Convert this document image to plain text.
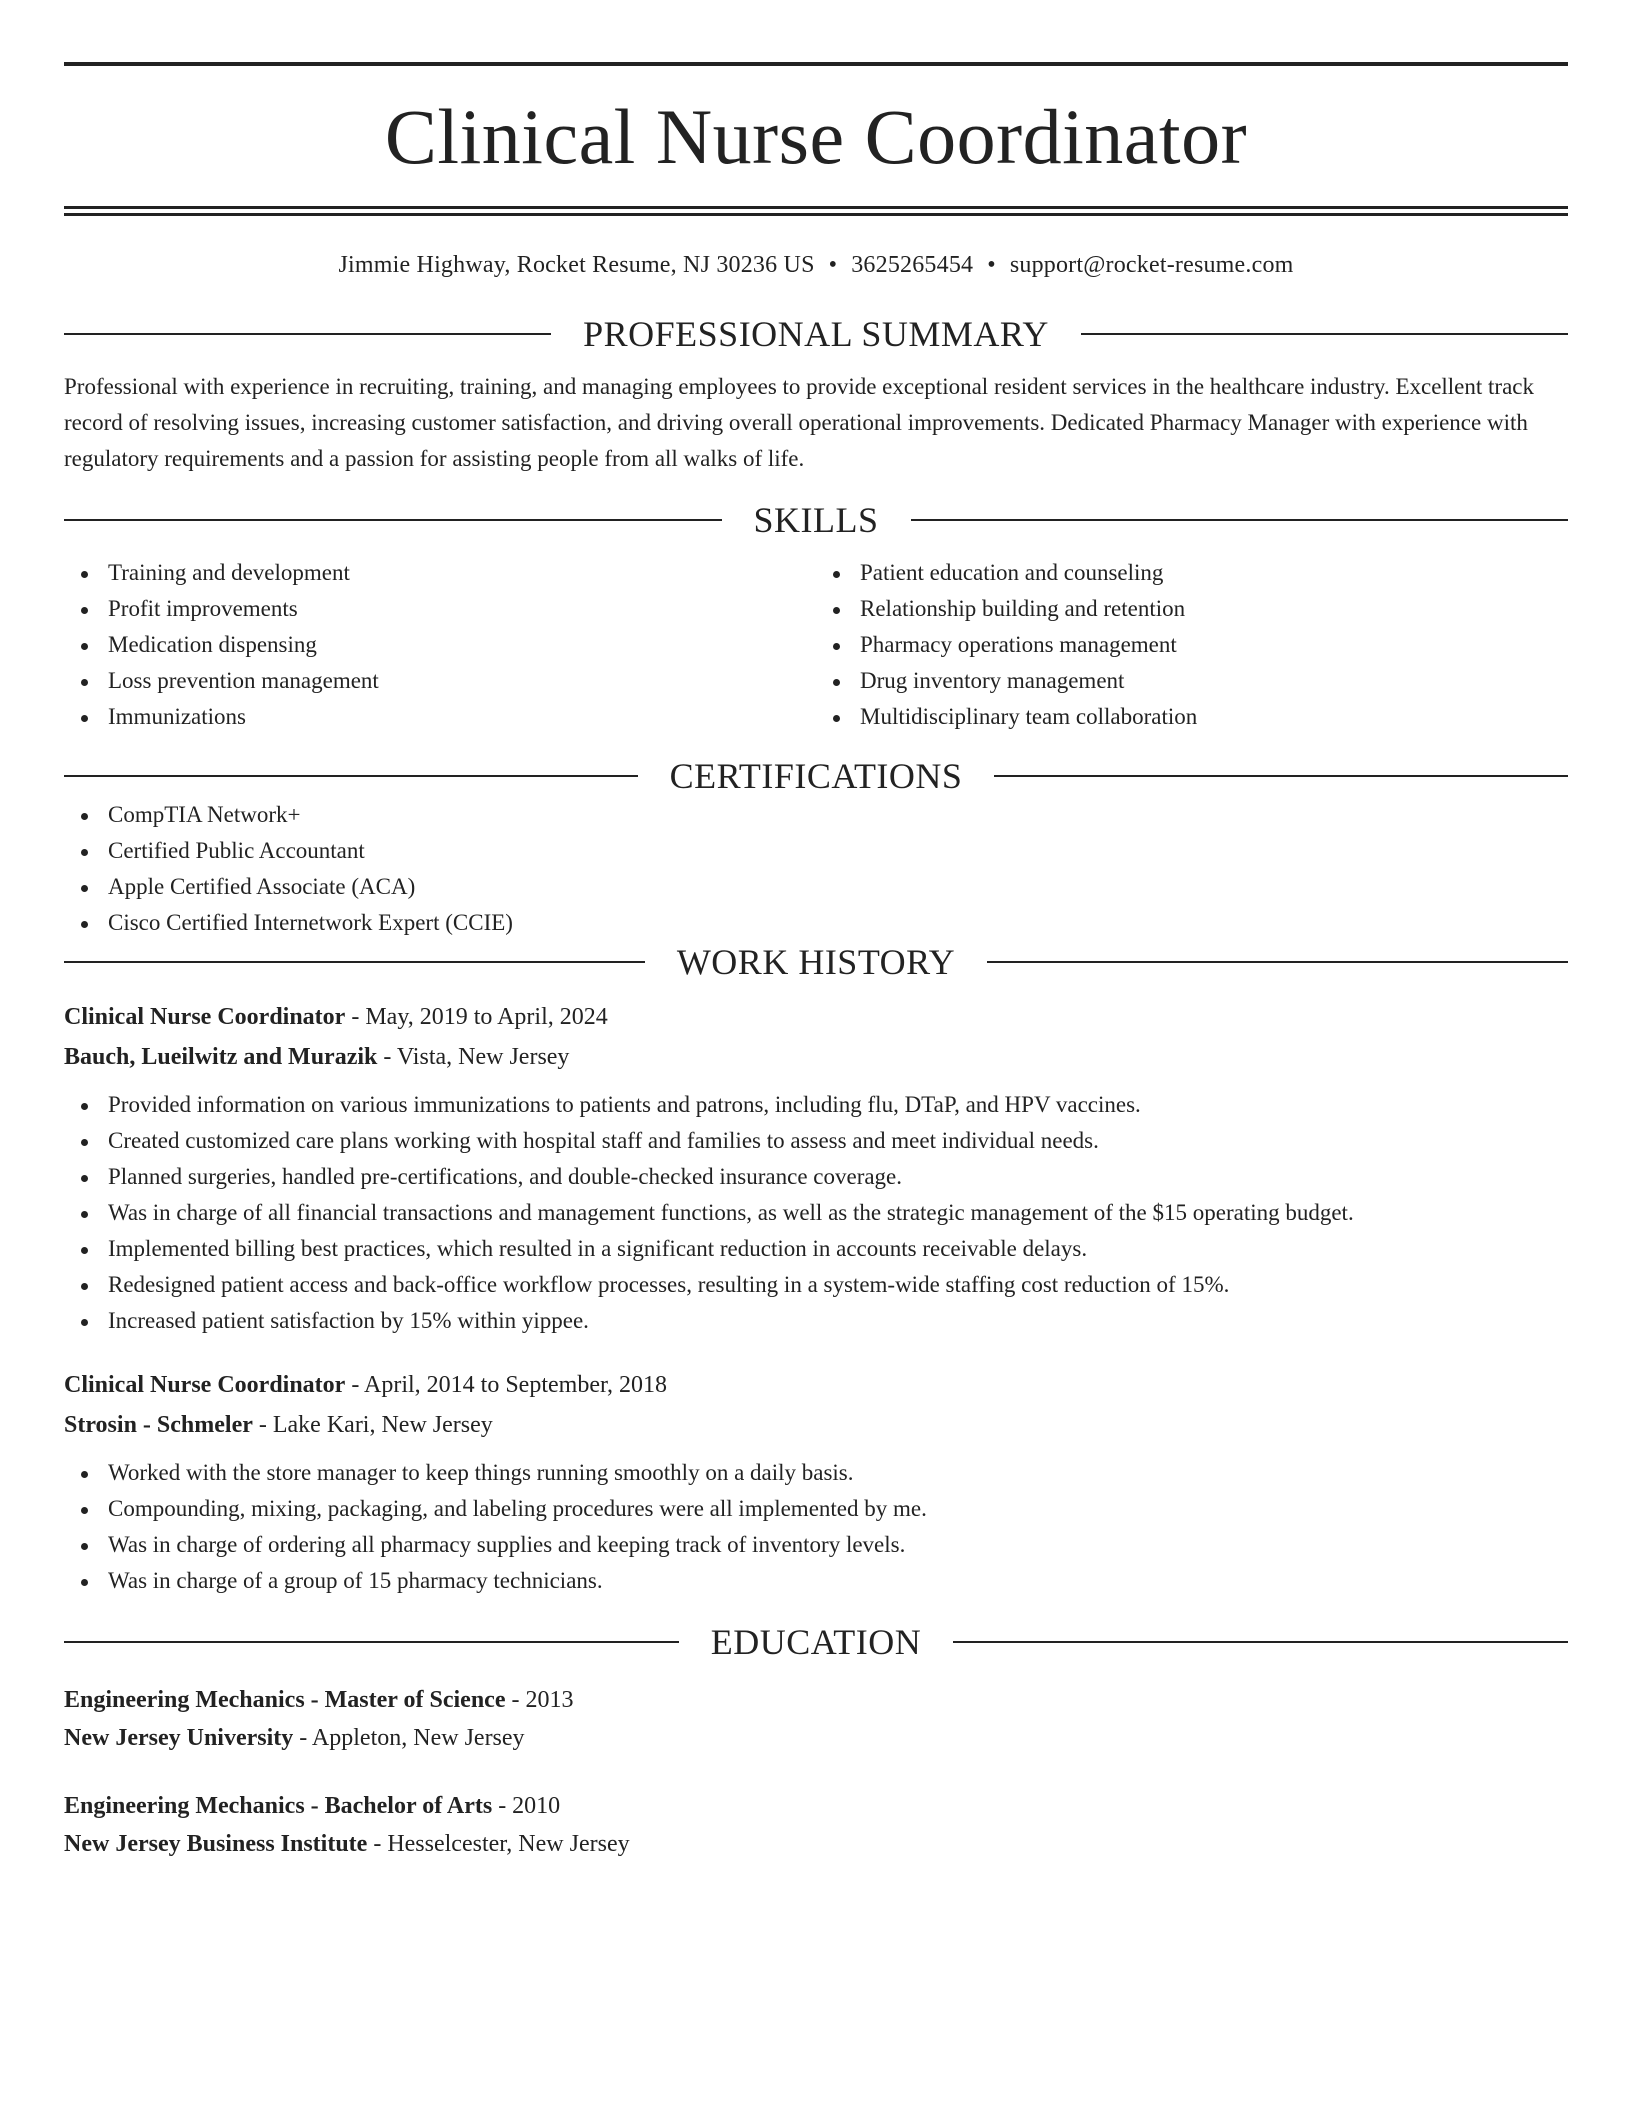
Clinical Nurse Coordinator
Jimmie Highway, Rocket Resume, NJ 30236 US • 3625265454 • support@rocket-resume.com
PROFESSIONAL SUMMARY

Professional with experience in recruiting, training, and managing employees to provide exceptional resident services in the healthcare industry. Excellent track record of resolving issues, increasing customer satisfaction, and driving overall operational improvements. Dedicated Pharmacy Manager with experience with regulatory requirements and a passion for assisting people from all walks of life.

SKILLS
Training and development
Profit improvements
Medication dispensing
Loss prevention management
Immunizations
Patient education and counseling
Relationship building and retention
Pharmacy operations management
Drug inventory management
Multidisciplinary team collaboration
CERTIFICATIONS
CompTIA Network+
Certified Public Accountant
Apple Certified Associate (ACA)
Cisco Certified Internetwork Expert (CCIE)
WORK HISTORY
Clinical Nurse Coordinator - May, 2019 to April, 2024
Bauch, Lueilwitz and Murazik - Vista, New Jersey
Provided information on various immunizations to patients and patrons, including flu, DTaP, and HPV vaccines.
Created customized care plans working with hospital staff and families to assess and meet individual needs.
Planned surgeries, handled pre-certifications, and double-checked insurance coverage.
Was in charge of all financial transactions and management functions, as well as the strategic management of the $15 operating budget.
Implemented billing best practices, which resulted in a significant reduction in accounts receivable delays.
Redesigned patient access and back-office workflow processes, resulting in a system-wide staffing cost reduction of 15%.
Increased patient satisfaction by 15% within yippee.
Clinical Nurse Coordinator - April, 2014 to September, 2018
Strosin - Schmeler - Lake Kari, New Jersey
Worked with the store manager to keep things running smoothly on a daily basis.
Compounding, mixing, packaging, and labeling procedures were all implemented by me.
Was in charge of ordering all pharmacy supplies and keeping track of inventory levels.
Was in charge of a group of 15 pharmacy technicians.
EDUCATION
Engineering Mechanics - Master of Science - 2013
New Jersey University - Appleton, New Jersey
Engineering Mechanics - Bachelor of Arts - 2010
New Jersey Business Institute - Hesselcester, New Jersey
